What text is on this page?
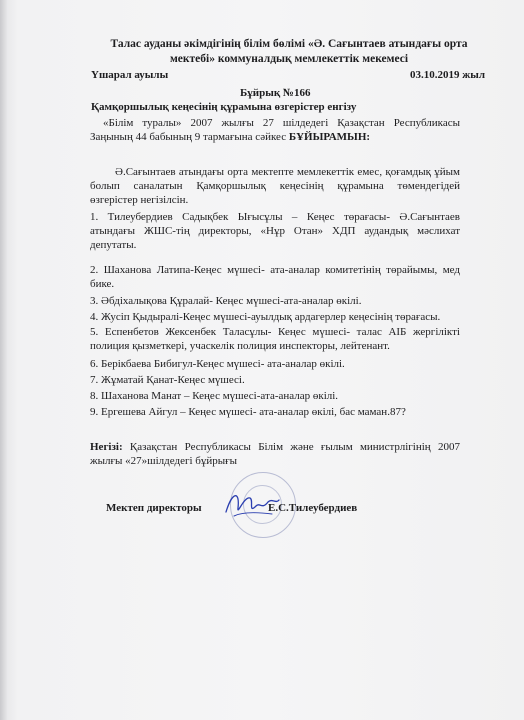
Талас ауданы әкімдігінің білім бөлімі «Ә. Сағынтаев атындағы орта
мектебі» коммуналдық мемлекеттік мекемесі
Үшарал ауылы	03.10.2019 жыл
Бұйрық №166
Қамқоршылық кеңесінің құрамына өзгерістер енгізу
«Білім туралы» 2007 жылғы 27 шілдедегі Қазақстан Республикасы
Заңының 44 бабының 9 тармағына сәйкес БҰЙЫРАМЫН:
Ә.Сағынтаев атындағы орта мектепте мемлекеттік емес, қоғамдық ұйым
болып саналатын Қамқоршылық кеңесінің құрамына төмендегідей
өзгерістер негізілсін.
1. Тилеубердиев Садықбек Ығысұлы – Кеңес төрағасы- Ә.Сағынтаев
атындағы ЖШС-тің директоры, «Нұр Отан» ХДП аудандық мәслихат
депутаты.
2. Шаханова Латипа-Кеңес мүшесі- ата-аналар комитетінің төрайымы, мед
бике.
3. Әбдіхалықова Құралай- Кеңес мүшесі-ата-аналар өкілі.
4. Жусіп Қыдыралі-Кеңес мүшесі-ауылдық ардагерлер кеңесінің төрағасы.
5. Еспенбетов Жексенбек Таласұлы- Кеңес мүшесі- талас АІБ жергілікті
полиция қызметкері, учаскелік полиция инспекторы, лейтенант.
6. Берікбаева Бибигул-Кеңес мүшесі- ата-аналар өкілі.
7. Жұматай Қанат-Кеңес мүшесі.
8. Шаханова Манат – Кеңес мүшесі-ата-аналар өкілі.
9. Ергешева Айгул – Кеңес мүшесі- ата-аналар өкілі, бас маман.87?
Негізі: Қазақстан Республикасы Білім және ғылым министрлігінің 2007
жылғы «27»шілдедегі бұйрығы
Мектеп директоры	Е.С.Тилеубердиев
